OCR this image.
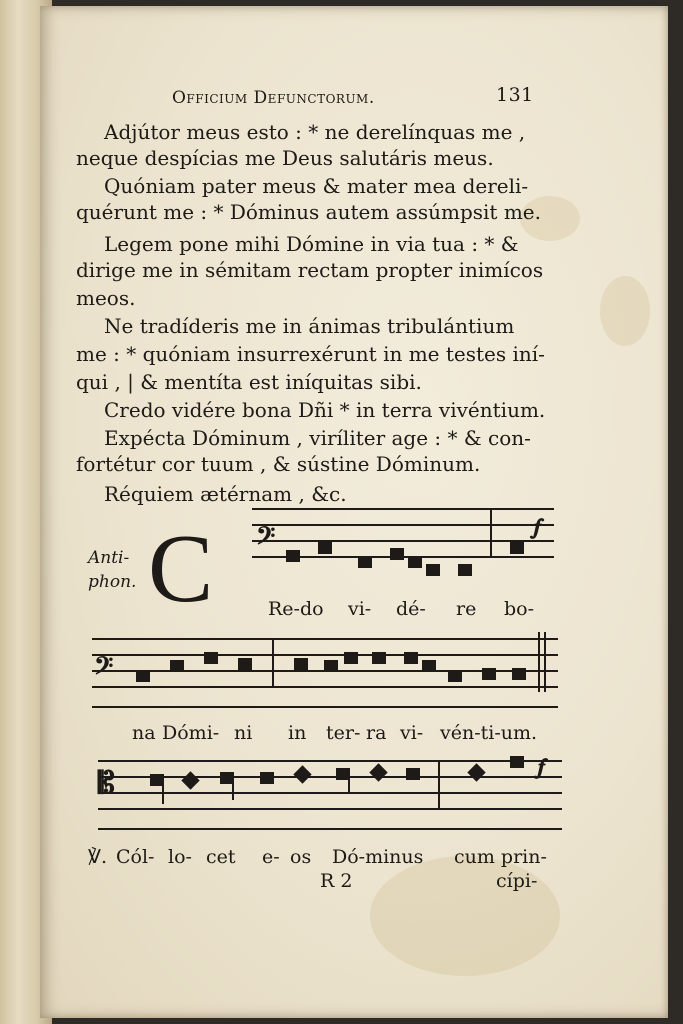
Officium Defunctorum.	131
Adjútor meus esto : * ne derelínquas me ,
neque despícias me Deus salutáris meus.
Quóniam pater meus & mater mea dereli-
quérunt me : * Dóminus autem assúmpsit me.
Legem pone mihi Dómine in via tua : * &
dirige me in sémitam rectam propter inimícos
meos.
Ne tradíderis me in ánimas tribulántium
me : * quóniam insurrexérunt in me testes iní-
qui , | & mentíta est iníquitas sibi.
Credo vidére bona Dñi * in terra vivéntium.
Expécta Dóminum , viríliter age : * & con-
fortétur cor tuum , & sústine Dóminum.
Réquiem ætérnam , &c.
Anti-
phon. C 𝄢	𝆑
Re-do vi- dé- re bo-
𝄢
na Dómi- ni in ter- ra vi- vén-ti-um.
𝄡	𝆑
℣. Cól- lo- cet e- os Dó-minus cum prin-
R 2	cípi-
